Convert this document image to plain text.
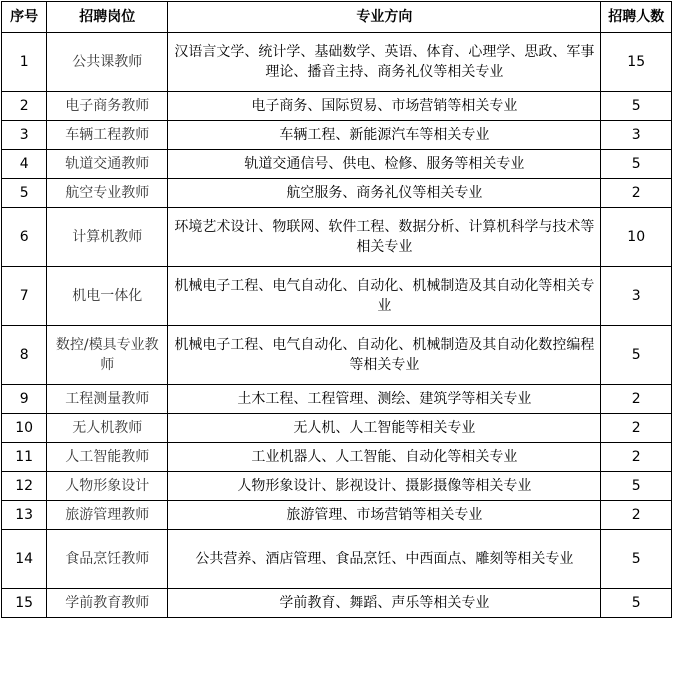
序号	招聘岗位	专业方向	招聘人数
1	公共课教师	汉语言文学、统计学、基础数学、英语、体育、心理学、思政、军事理论、播音主持、商务礼仪等相关专业	15
2	电子商务教师	电子商务、国际贸易、市场营销等相关专业	5
3	车辆工程教师	车辆工程、新能源汽车等相关专业	3
4	轨道交通教师	轨道交通信号、供电、检修、服务等相关专业	5
5	航空专业教师	航空服务、商务礼仪等相关专业	2
6	计算机教师	环境艺术设计、物联网、软件工程、数据分析、计算机科学与技术等相关专业	10
7	机电一体化	机械电子工程、电气自动化、自动化、机械制造及其自动化等相关专业	3
8	数控/模具专业教师	机械电子工程、电气自动化、自动化、机械制造及其自动化数控编程等相关专业	5
9	工程测量教师	土木工程、工程管理、测绘、建筑学等相关专业	2
10	无人机教师	无人机、人工智能等相关专业	2
11	人工智能教师	工业机器人、人工智能、自动化等相关专业	2
12	人物形象设计	人物形象设计、影视设计、摄影摄像等相关专业	5
13	旅游管理教师	旅游管理、市场营销等相关专业	2
14	食品烹饪教师	公共营养、酒店管理、食品烹饪、中西面点、雕刻等相关专业	5
15	学前教育教师	学前教育、舞蹈、声乐等相关专业	5
